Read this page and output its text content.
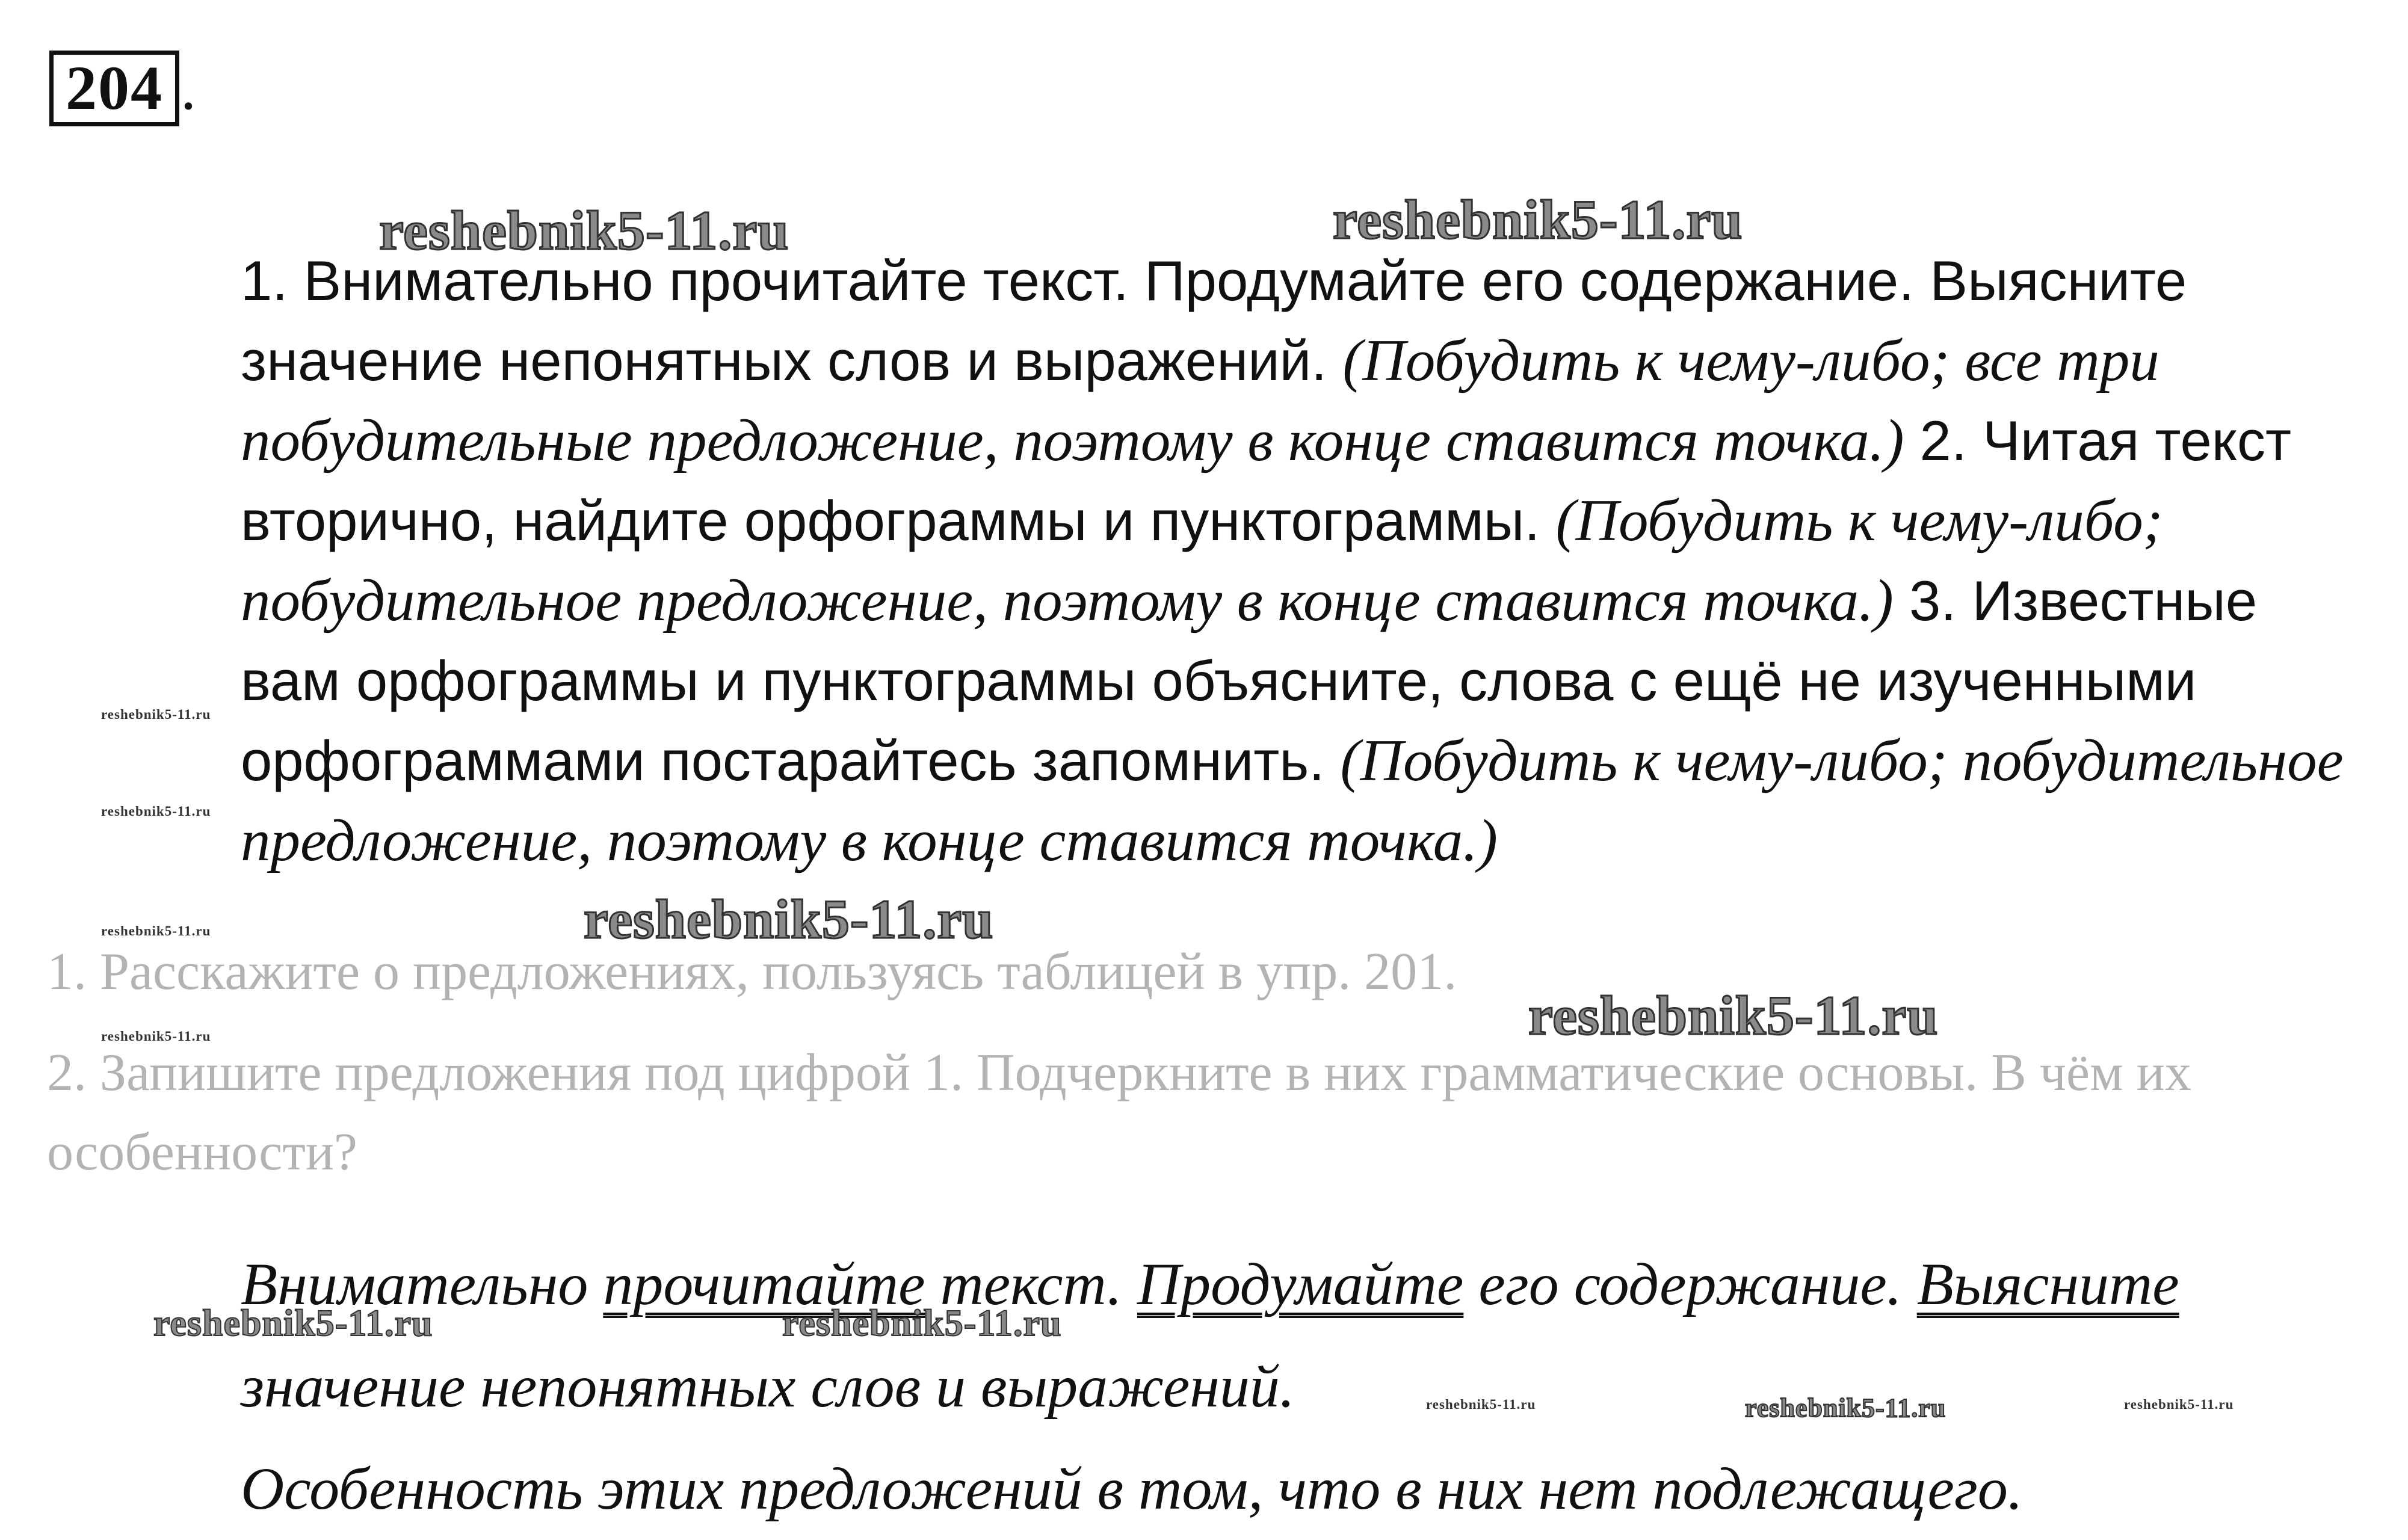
204 .

1. Внимательно прочитайте текст. Продумайте его содержание. Выясните значение непонятных слов и выражений. (Побудить к чему-либо; все три побудительные предложение, поэтому в конце ставится точка.) 2. Читая текст вторично, найдите орфограммы и пунктограммы. (Побудить к чему-либо; побудительное предложение, поэтому в конце ставится точка.) 3. Известные вам орфограммы и пунктограммы объясните, слова с ещё не изученными орфограммами постарайтесь запомнить. (Побудить к чему-либо; побудительное предложение, поэтому в конце ставится точка.)

1. Расскажите о предложениях, пользуясь таблицей в упр. 201.

2. Запишите предложения под цифрой 1. Подчеркните в них грамматические основы. В чём их особенности?

Внимательно прочитайте текст. Продумайте его содержание. Выясните значение непонятных слов и выражений.

Особенность этих предложений в том, что в них нет подлежащего.

reshebnik5-11.ru	reshebnik5-11.ru
reshebnik5-11.ru
reshebnik5-11.ru
reshebnik5-11.ru	reshebnik5-11.ru
reshebnik5-11.ru
reshebnik5-11.ru
reshebnik5-11.ru
reshebnik5-11.ru
reshebnik5-11.ru
reshebnik5-11.ru	reshebnik5-11.ru
